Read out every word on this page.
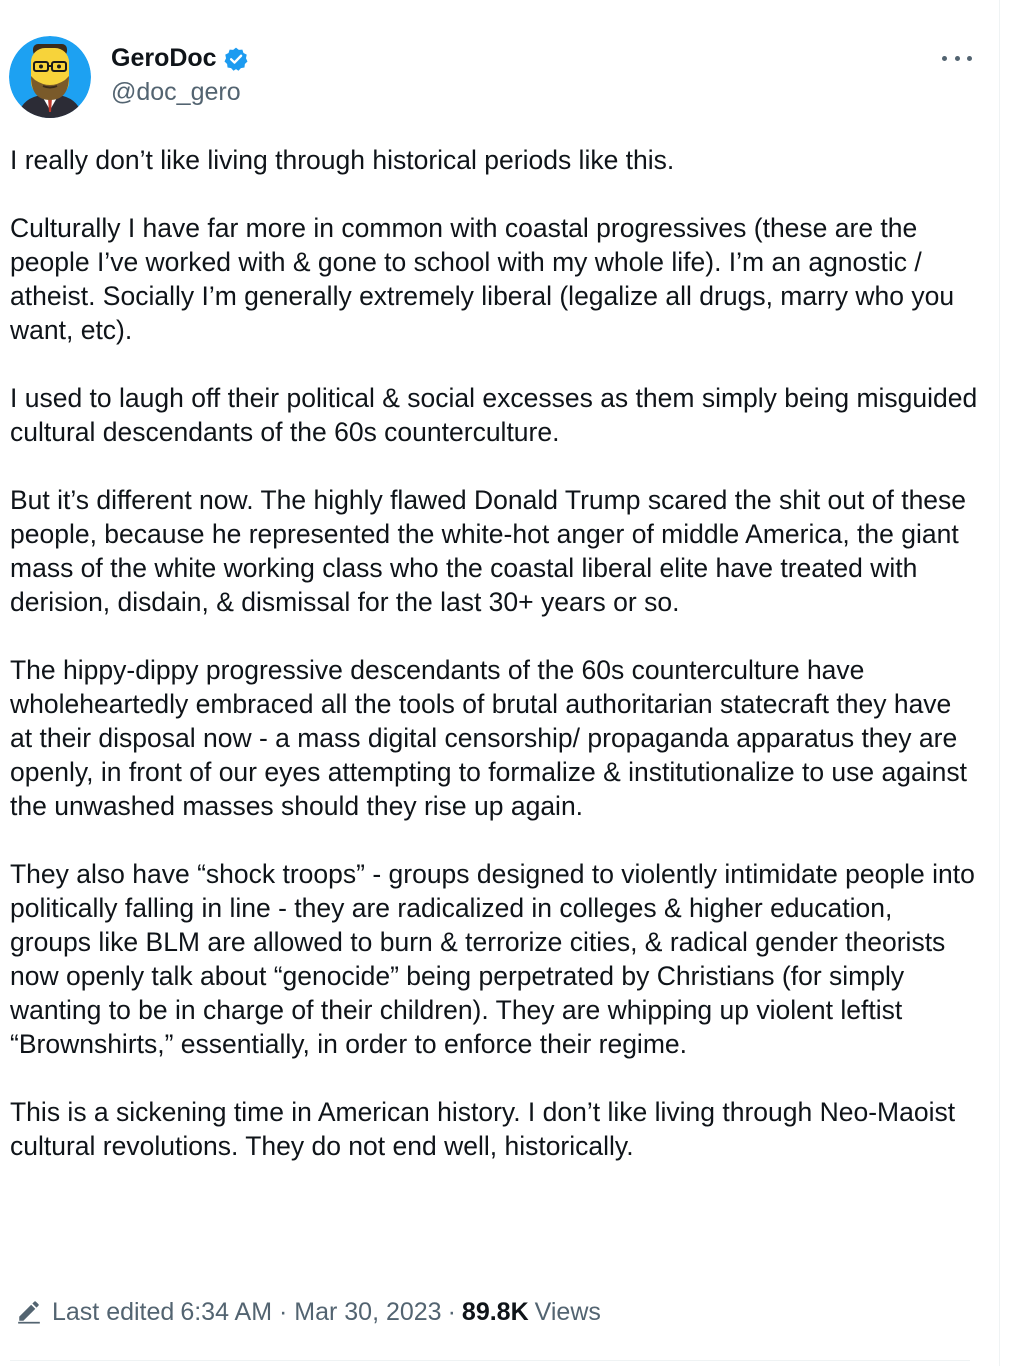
GeroDoc
@doc_gero

I really don’t like living through historical periods like this.

Culturally I have far more in common with coastal progressives (these are the people I’ve worked with & gone to school with my whole life). I’m an agnostic / atheist. Socially I’m generally extremely liberal (legalize all drugs, marry who you want, etc).

I used to laugh off their political & social excesses as them simply being misguided cultural descendants of the 60s counterculture.

But it’s different now. The highly flawed Donald Trump scared the shit out of these people, because he represented the white-hot anger of middle America, the giant mass of the white working class who the coastal liberal elite have treated with derision, disdain, & dismissal for the last 30+ years or so.

The hippy-dippy progressive descendants of the 60s counterculture have wholeheartedly embraced all the tools of brutal authoritarian statecraft they have at their disposal now - a mass digital censorship/ propaganda apparatus they are openly, in front of our eyes attempting to formalize & institutionalize to use against the unwashed masses should they rise up again.

They also have “shock troops” - groups designed to violently intimidate people into politically falling in line - they are radicalized in colleges & higher education, groups like BLM are allowed to burn & terrorize cities, & radical gender theorists now openly talk about “genocide” being perpetrated by Christians (for simply wanting to be in charge of their children). They are whipping up violent leftist “Brownshirts,” essentially, in order to enforce their regime.

This is a sickening time in American history. I don’t like living through Neo-Maoist cultural revolutions. They do not end well, historically.

Last edited 6:34 AM · Mar 30, 2023 · 89.8K Views
